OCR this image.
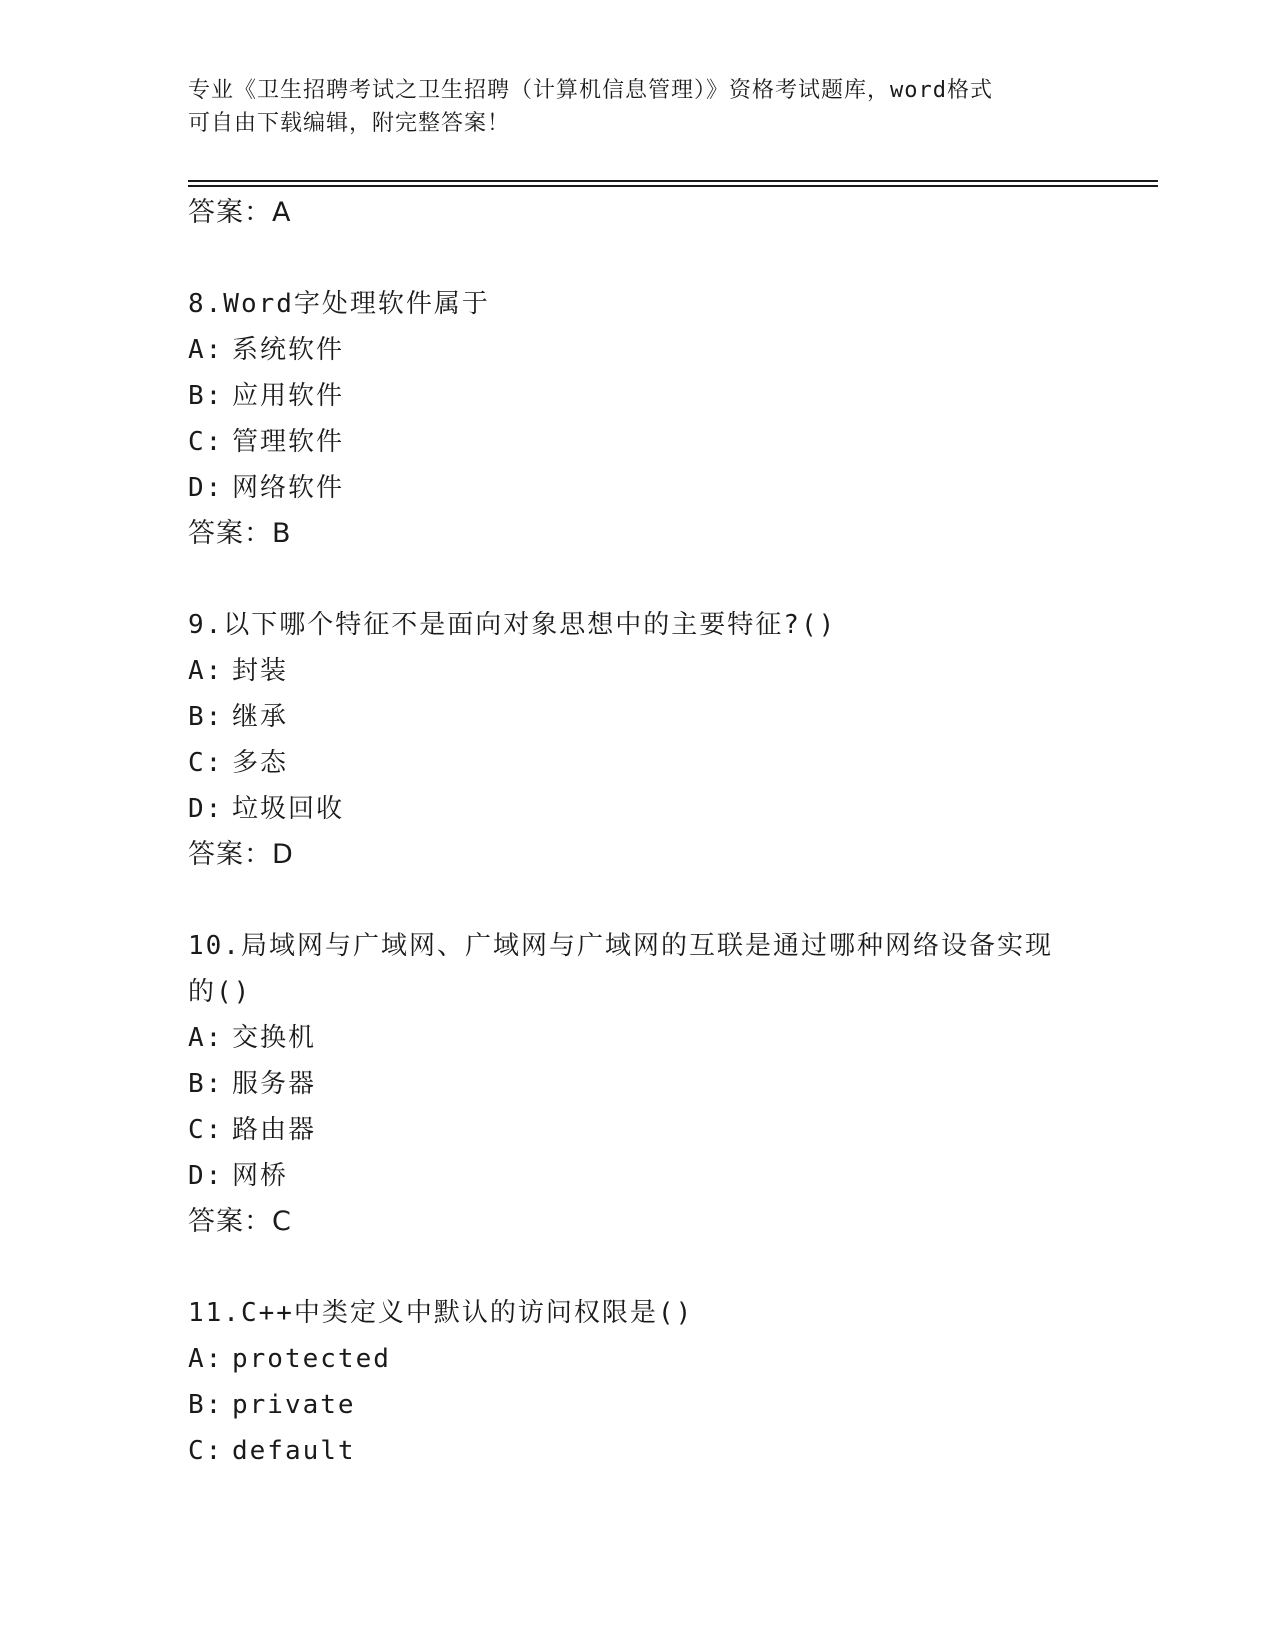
专业《卫生招聘考试之卫生招聘（计算机信息管理）》资格考试题库，word格式
可自由下载编辑，附完整答案！
答案：A
8.Word字处理软件属于
A: 系统软件
B: 应用软件
C: 管理软件
D: 网络软件
答案：B
9.以下哪个特征不是面向对象思想中的主要特征?()
A: 封装
B: 继承
C: 多态
D: 垃圾回收
答案：D
10.局域网与广域网、广域网与广域网的互联是通过哪种网络设备实现
的()
A: 交换机
B: 服务器
C: 路由器
D: 网桥
答案：C
11.C++中类定义中默认的访问权限是()
A: protected
B: private
C: default
